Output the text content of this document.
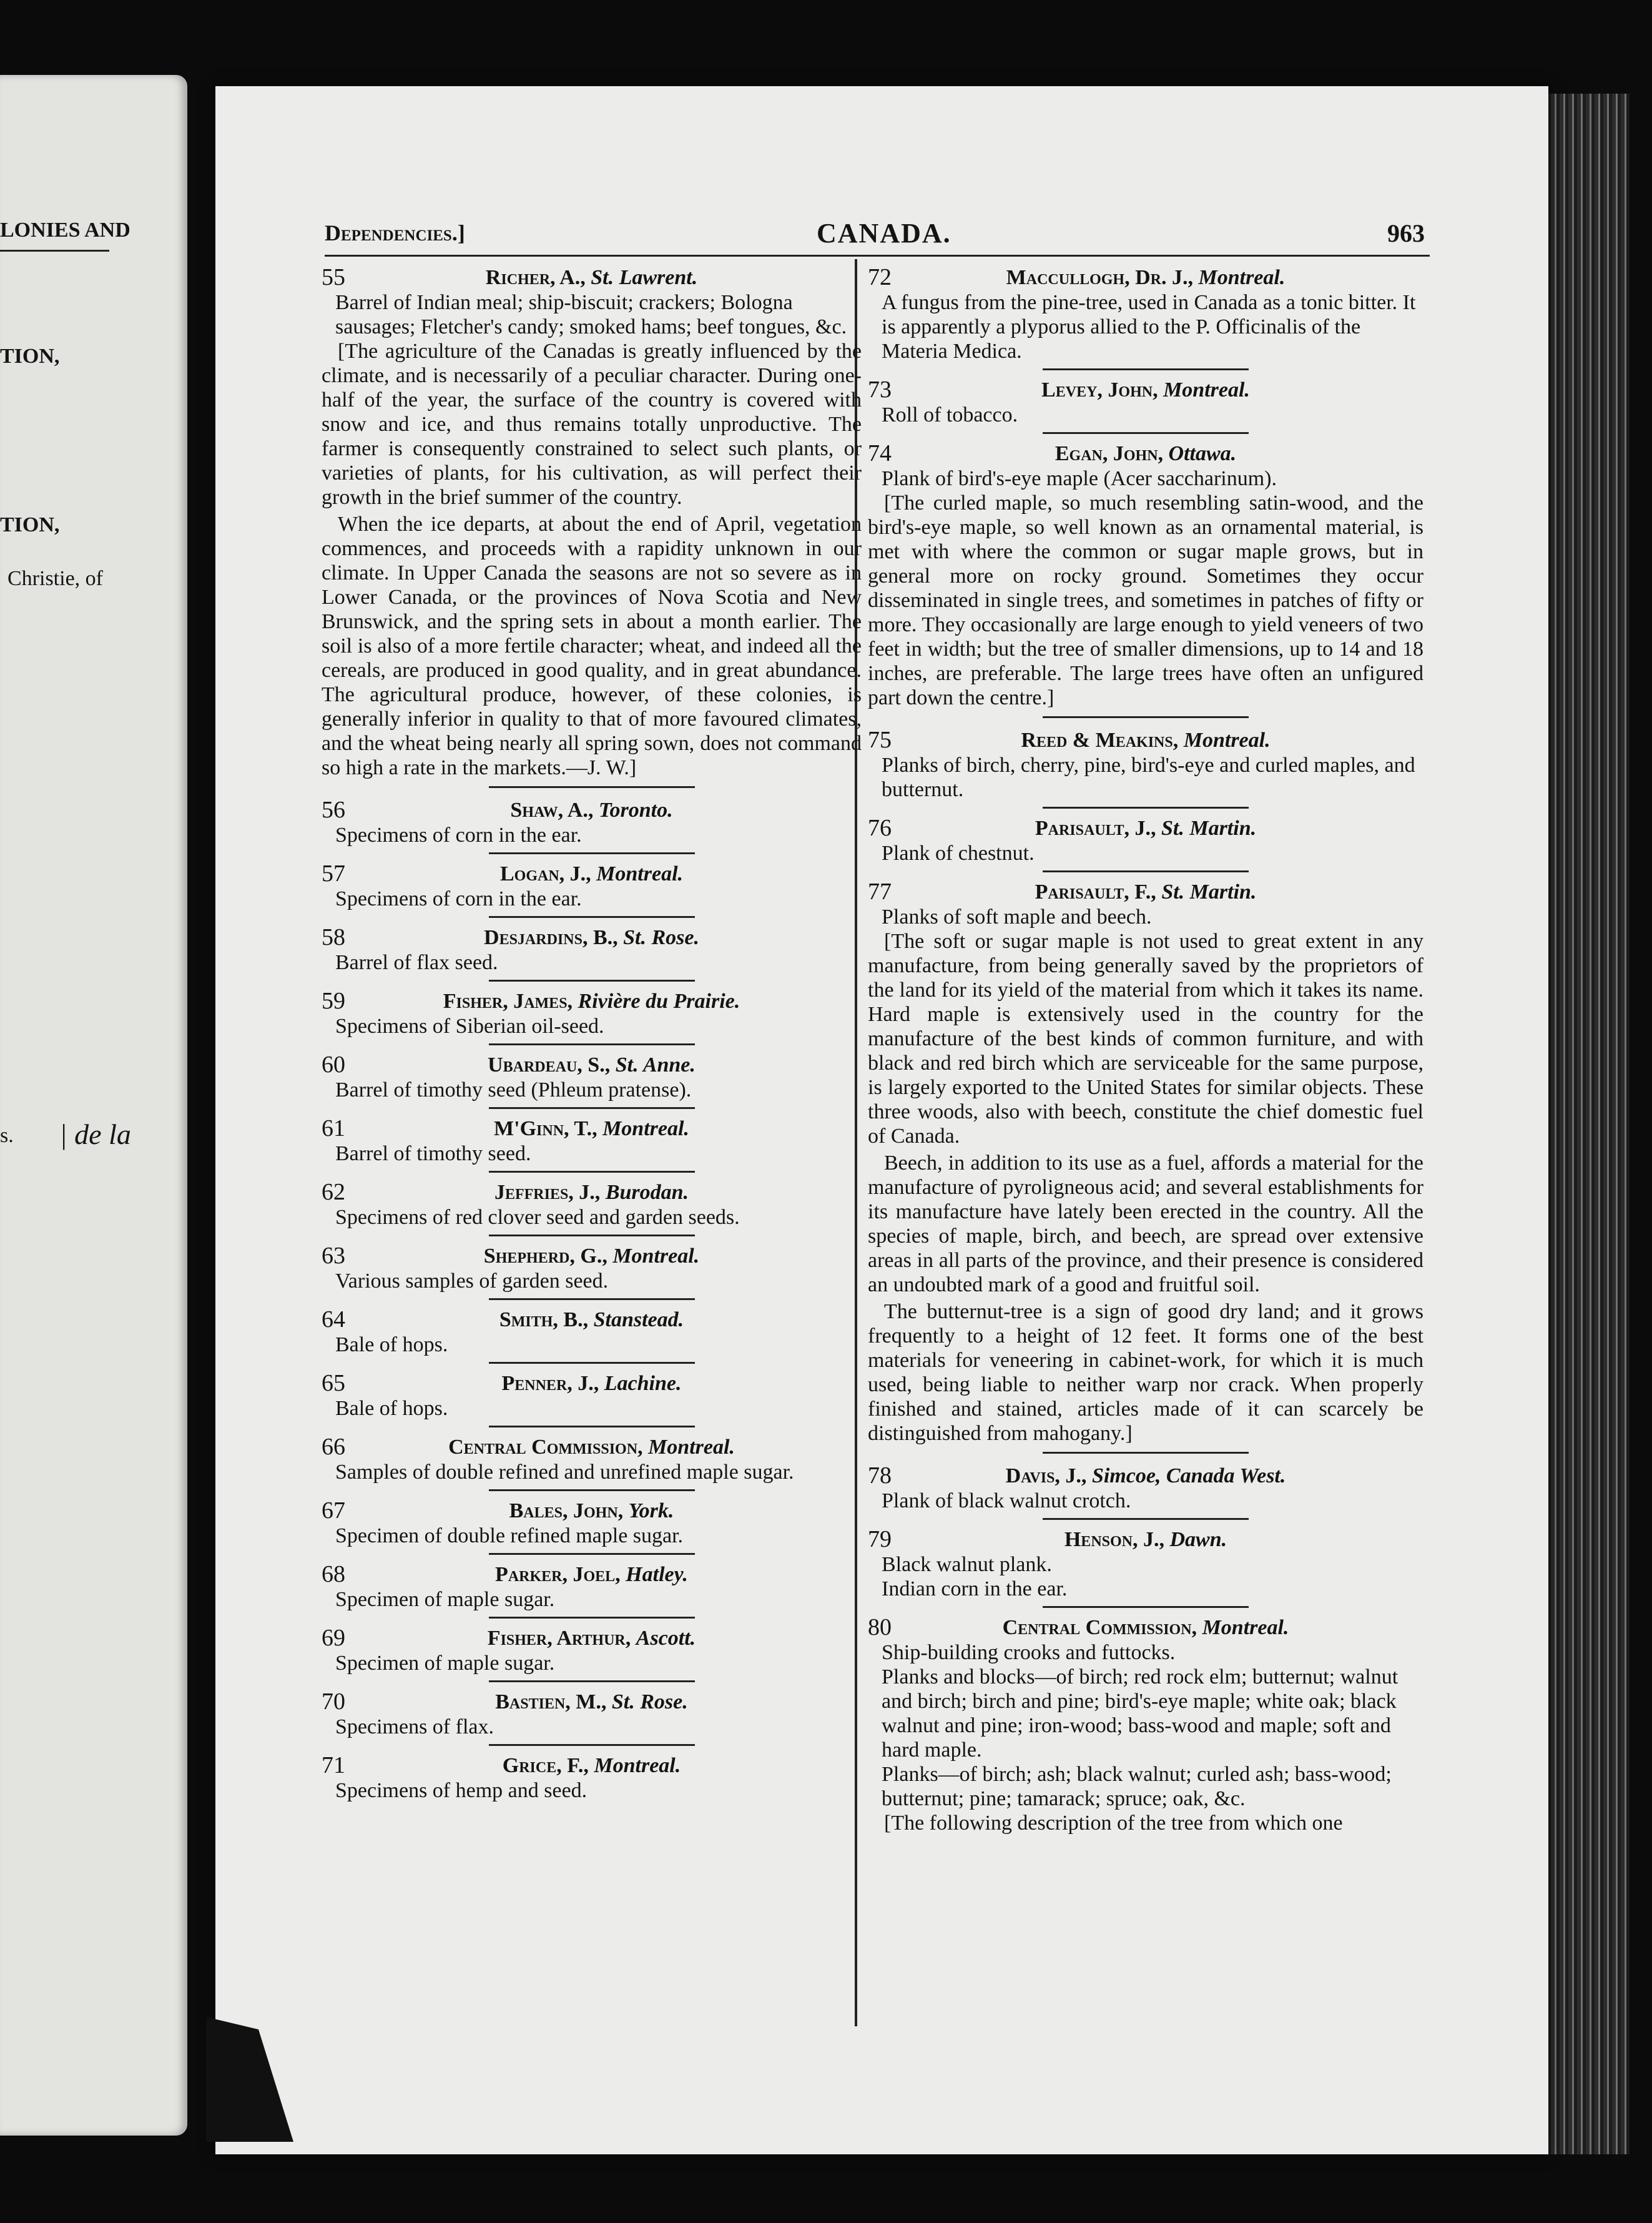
LONIES AND
TION,
TION,
Christie, of
s. | de la
Dependencies.]	CANADA.	963
55	Richer, A., St. Lawrent.
Barrel of Indian meal; ship-biscuit; crackers; Bologna sausages; Fletcher's candy; smoked hams; beef tongues, &c.

[The agriculture of the Canadas is greatly influenced by the climate, and is necessarily of a peculiar character. During one-half of the year, the surface of the country is covered with snow and ice, and thus remains totally unproductive. The farmer is consequently constrained to select such plants, or varieties of plants, for his cultivation, as will perfect their growth in the brief summer of the country.

When the ice departs, at about the end of April, vegetation commences, and proceeds with a rapidity unknown in our climate. In Upper Canada the seasons are not so severe as in Lower Canada, or the provinces of Nova Scotia and New Brunswick, and the spring sets in about a month earlier. The soil is also of a more fertile character; wheat, and indeed all the cereals, are produced in good quality, and in great abundance. The agricultural produce, however, of these colonies, is generally inferior in quality to that of more favoured climates, and the wheat being nearly all spring sown, does not command so high a rate in the markets.—J. W.]

56	Shaw, A., Toronto.
Specimens of corn in the ear.
57	Logan, J., Montreal.
Specimens of corn in the ear.
58	Desjardins, B., St. Rose.
Barrel of flax seed.
59	Fisher, James, Rivière du Prairie.
Specimens of Siberian oil-seed.
60	Ubardeau, S., St. Anne.
Barrel of timothy seed (Phleum pratense).
61	M'Ginn, T., Montreal.
Barrel of timothy seed.
62	Jeffries, J., Burodan.
Specimens of red clover seed and garden seeds.
63	Shepherd, G., Montreal.
Various samples of garden seed.
64	Smith, B., Stanstead.
Bale of hops.
65	Penner, J., Lachine.
Bale of hops.
66	Central Commission, Montreal.
Samples of double refined and unrefined maple sugar.
67	Bales, John, York.
Specimen of double refined maple sugar.
68	Parker, Joel, Hatley.
Specimen of maple sugar.
69	Fisher, Arthur, Ascott.
Specimen of maple sugar.
70	Bastien, M., St. Rose.
Specimens of flax.
71	Grice, F., Montreal.
Specimens of hemp and seed.
72	Maccullogh, Dr. J., Montreal.
A fungus from the pine-tree, used in Canada as a tonic bitter. It is apparently a plyporus allied to the P. Officinalis of the Materia Medica.
73	Levey, John, Montreal.
Roll of tobacco.
74	Egan, John, Ottawa.
Plank of bird's-eye maple (Acer saccharinum).

[The curled maple, so much resembling satin-wood, and the bird's-eye maple, so well known as an ornamental material, is met with where the common or sugar maple grows, but in general more on rocky ground. Sometimes they occur disseminated in single trees, and sometimes in patches of fifty or more. They occasionally are large enough to yield veneers of two feet in width; but the tree of smaller dimensions, up to 14 and 18 inches, are preferable. The large trees have often an unfigured part down the centre.]

75	Reed & Meakins, Montreal.
Planks of birch, cherry, pine, bird's-eye and curled maples, and butternut.
76	Parisault, J., St. Martin.
Plank of chestnut.
77	Parisault, F., St. Martin.
Planks of soft maple and beech.

[The soft or sugar maple is not used to great extent in any manufacture, from being generally saved by the proprietors of the land for its yield of the material from which it takes its name. Hard maple is extensively used in the country for the manufacture of the best kinds of common furniture, and with black and red birch which are serviceable for the same purpose, is largely exported to the United States for similar objects. These three woods, also with beech, constitute the chief domestic fuel of Canada.

Beech, in addition to its use as a fuel, affords a material for the manufacture of pyroligneous acid; and several establishments for its manufacture have lately been erected in the country. All the species of maple, birch, and beech, are spread over extensive areas in all parts of the province, and their presence is considered an undoubted mark of a good and fruitful soil.

The butternut-tree is a sign of good dry land; and it grows frequently to a height of 12 feet. It forms one of the best materials for veneering in cabinet-work, for which it is much used, being liable to neither warp nor crack. When properly finished and stained, articles made of it can scarcely be distinguished from mahogany.]

78	Davis, J., Simcoe, Canada West.
Plank of black walnut crotch.
79	Henson, J., Dawn.
Black walnut plank.
Indian corn in the ear.
80	Central Commission, Montreal.
Ship-building crooks and futtocks.
Planks and blocks—of birch; red rock elm; butternut; walnut and birch; birch and pine; bird's-eye maple; white oak; black walnut and pine; iron-wood; bass-wood and maple; soft and hard maple.
Planks—of birch; ash; black walnut; curled ash; bass-wood; butternut; pine; tamarack; spruce; oak, &c.

[The following description of the tree from which one
